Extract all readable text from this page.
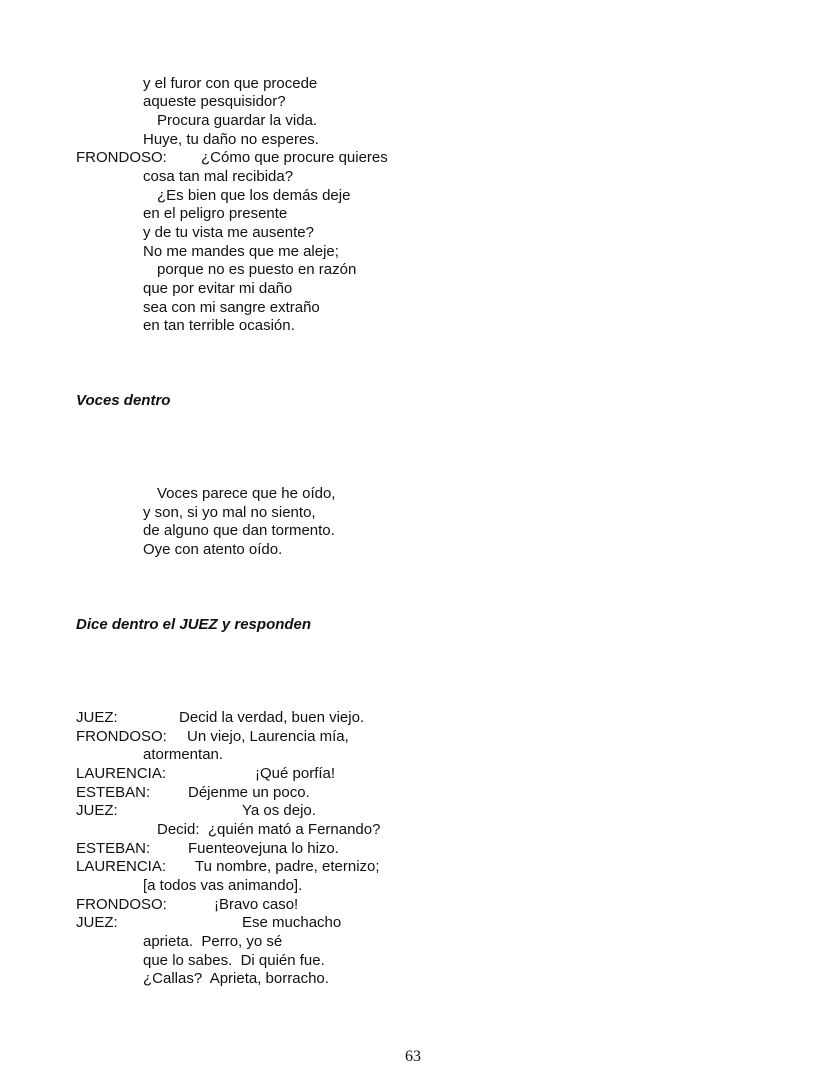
y el furor con que procede
aqueste pesquisidor?
Procura guardar la vida.
Huye, tu daño no esperes.
FRONDOSO: ¿Cómo que procure quieres
cosa tan mal recibida?
¿Es bien que los demás deje
en el peligro presente
y de tu vista me ausente?
No me mandes que me aleje;
porque no es puesto en razón
que por evitar mi daño
sea con mi sangre extraño
en tan terrible ocasión.
Voces dentro
Voces parece que he oído,
y son, si yo mal no siento,
de alguno que dan tormento.
Oye con atento oído.
Dice dentro el JUEZ y responden
JUEZ:	Decid la verdad, buen viejo.
FRONDOSO: Un viejo, Laurencia mía,
atormentan.
LAURENCIA:	¡Qué porfía!
ESTEBAN:	Déjenme un poco.
JUEZ:	Ya os dejo.
Decid:  ¿quién mató a Fernando?
ESTEBAN:	Fuenteovejuna lo hizo.
LAURENCIA: Tu nombre, padre, eternizo;
[a todos vas animando].
FRONDOSO:	¡Bravo caso!
JUEZ:	Ese muchacho
aprieta.  Perro, yo sé
que lo sabes.  Di quién fue.
¿Callas?  Aprieta, borracho.
63
